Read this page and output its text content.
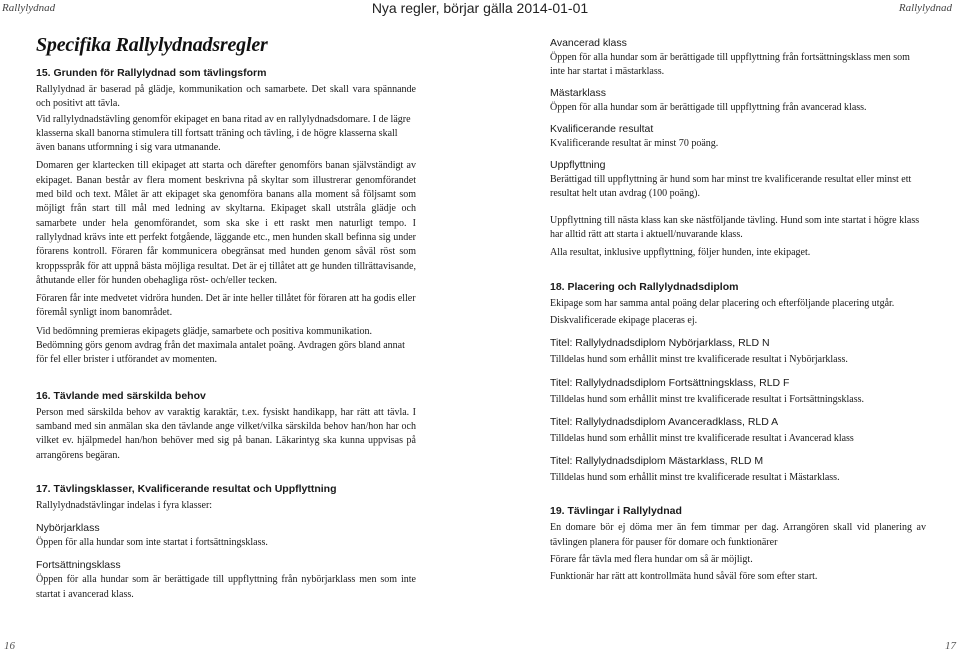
Rallylydnad	Nya regler, börjar gälla 2014-01-01	Rallylydnad
Specifika Rallylydnadsregler
15. Grunden för Rallylydnad som tävlingsform

Rallylydnad är baserad på glädje, kommunikation och samarbete. Det skall vara spännande och positivt att tävla.

Vid rallylydnadstävling genomför ekipaget en bana ritad av en rallylydnadsdomare. I de lägre klasserna skall banorna stimulera till fortsatt träning och tävling, i de högre klasserna skall även banans utformning i sig vara utmanande.

Domaren ger klartecken till ekipaget att starta och därefter genomförs banan självständigt av ekipaget. Banan består av flera moment beskrivna på skyltar som illustrerar genomförandet med bild och text. Målet är att ekipaget ska genomföra banans alla moment så följsamt som möjligt från start till mål med ledning av skyltarna. Ekipaget skall utstråla glädje och samarbete under hela genomförandet, som ska ske i ett raskt men naturligt tempo. I rallylydnad krävs inte ett perfekt fotgående, läggande etc., men hunden skall befinna sig under förarens kontroll. Föraren får kommunicera obegränsat med hunden genom såväl röst som kroppsspråk för att uppnå bästa möjliga resultat. Det är ej tillåtet att ge hunden tillrättavisande, åthutande eller för hunden obehagliga röst- och/eller tecken.

Föraren får inte medvetet vidröra hunden. Det är inte heller tillåtet för föraren att ha godis eller föremål synligt inom banområdet.

Vid bedömning premieras ekipagets glädje, samarbete och positiva kommunikation. Bedömning görs genom avdrag från det maximala antalet poäng. Avdragen görs bland annat för fel eller brister i utförandet av momenten.

16. Tävlande med särskilda behov

Person med särskilda behov av varaktig karaktär, t.ex. fysiskt handikapp, har rätt att tävla. I samband med sin anmälan ska den tävlande ange vilket/vilka särskilda behov han/hon har och vilket ev. hjälpmedel han/hon behöver med sig på banan. Läkarintyg ska kunna uppvisas på arrangörens begäran.

17. Tävlingsklasser, Kvalificerande resultat och Uppflyttning

Rallylydnadstävlingar indelas i fyra klasser:

Nybörjarklass

Öppen för alla hundar som inte startat i fortsättningsklass.

Fortsättningsklass

Öppen för alla hundar som är berättigade till uppflyttning från nybörjarklass men som inte startat i avancerad klass.

Avancerad klass

Öppen för alla hundar som är berättigade till uppflyttning från fortsättningsklass men som inte har startat i mästarklass.

Mästarklass

Öppen för alla hundar som är berättigade till uppflyttning från avancerad klass.

Kvalificerande resultat

Kvalificerande resultat är minst 70 poäng.

Uppflyttning

Berättigad till uppflyttning är hund som har minst tre kvalificerande resultat eller minst ett resultat helt utan avdrag (100 poäng).

Uppflyttning till nästa klass kan ske nästföljande tävling. Hund som inte startat i högre klass har alltid rätt att starta i aktuell/nuvarande klass.

Alla resultat, inklusive uppflyttning, följer hunden, inte ekipaget.

18. Placering och Rallylydnadsdiplom

Ekipage som har samma antal poäng delar placering och efterföljande placering utgår.

Diskvalificerade ekipage placeras ej.

Titel: Rallylydnadsdiplom Nybörjarklass, RLD N

Tilldelas hund som erhållit minst tre kvalificerade resultat i Nybörjarklass.

Titel: Rallylydnadsdiplom Fortsättningsklass, RLD F

Tilldelas hund som erhållit minst tre kvalificerade resultat i Fortsättningsklass.

Titel: Rallylydnadsdiplom Avanceradklass, RLD A

Tilldelas hund som erhållit minst tre kvalificerade resultat i Avancerad klass

Titel: Rallylydnadsdiplom Mästarklass, RLD M

Tilldelas hund som erhållit minst tre kvalificerade resultat i Mästarklass.

19. Tävlingar i Rallylydnad

En domare bör ej döma mer än fem timmar per dag. Arrangören skall vid planering av tävlingen planera för pauser för domare och funktionärer

Förare får tävla med flera hundar om så är möjligt.

Funktionär har rätt att kontrollmäta hund såväl före som efter start.

16	17
